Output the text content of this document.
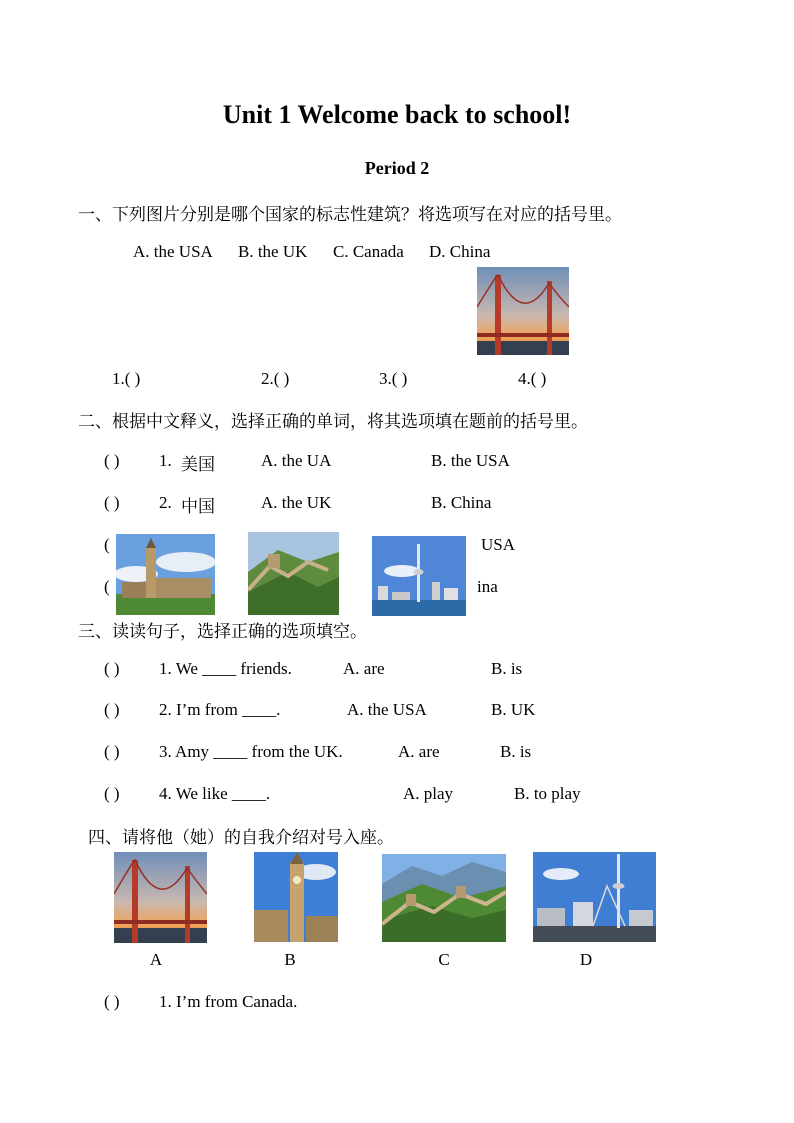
Unit 1 Welcome back to school!
Period 2
一、下列图片分别是哪个国家的标志性建筑？将选项写在对应的括号里。
A. the USA B. the UK C. Canada D. China
1.( )	2.( )	3.( )	4.( )
二、根据中文释义，选择正确的单词，将其选项填在题前的括号里。
( ) 1. 美国	A. the UA	B. the USA
( ) 2. 中国	A. the UK	B. China
(	USA
(	ina
三、读读句子，选择正确的选项填空。
( ) 1. We ____ friends.	A. are	B. is
( ) 2. I’m from ____.	A. the USA	B. UK
( ) 3. Amy ____ from the UK.	A. are	B. is
( ) 4. We like ____.	A. play	B. to play
四、请将他（她）的自我介绍对号入座。
A	B	C	D
( ) 1. I’m from Canada.
